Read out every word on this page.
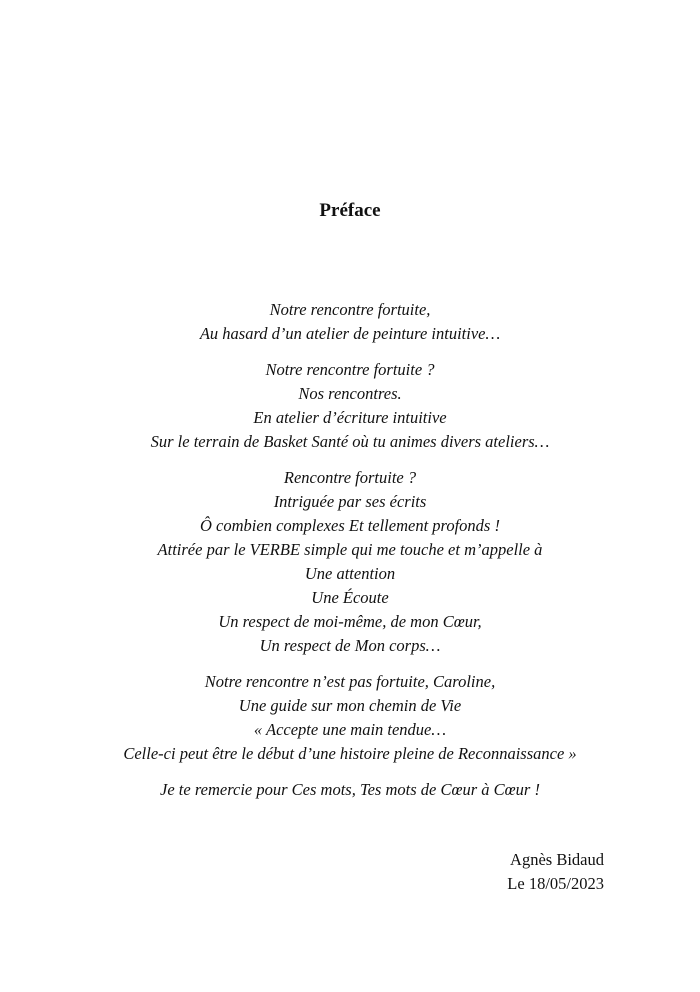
Préface
Notre rencontre fortuite,
Au hasard d’un atelier de peinture intuitive…
Notre rencontre fortuite ?
Nos rencontres.
En atelier d’écriture intuitive
Sur le terrain de Basket Santé où tu animes divers ateliers…
Rencontre fortuite ?
Intriguée par ses écrits
Ô combien complexes Et tellement profonds !
Attirée par le VERBE simple qui me touche et m’appelle à
Une attention
Une Écoute
Un respect de moi-même, de mon Cœur,
Un respect de Mon corps…
Notre rencontre n’est pas fortuite, Caroline,
Une guide sur mon chemin de Vie
« Accepte une main tendue…
Celle-ci peut être le début d’une histoire pleine de Reconnaissance »
Je te remercie pour Ces mots, Tes mots de Cœur à Cœur !
Agnès Bidaud
Le 18/05/2023
